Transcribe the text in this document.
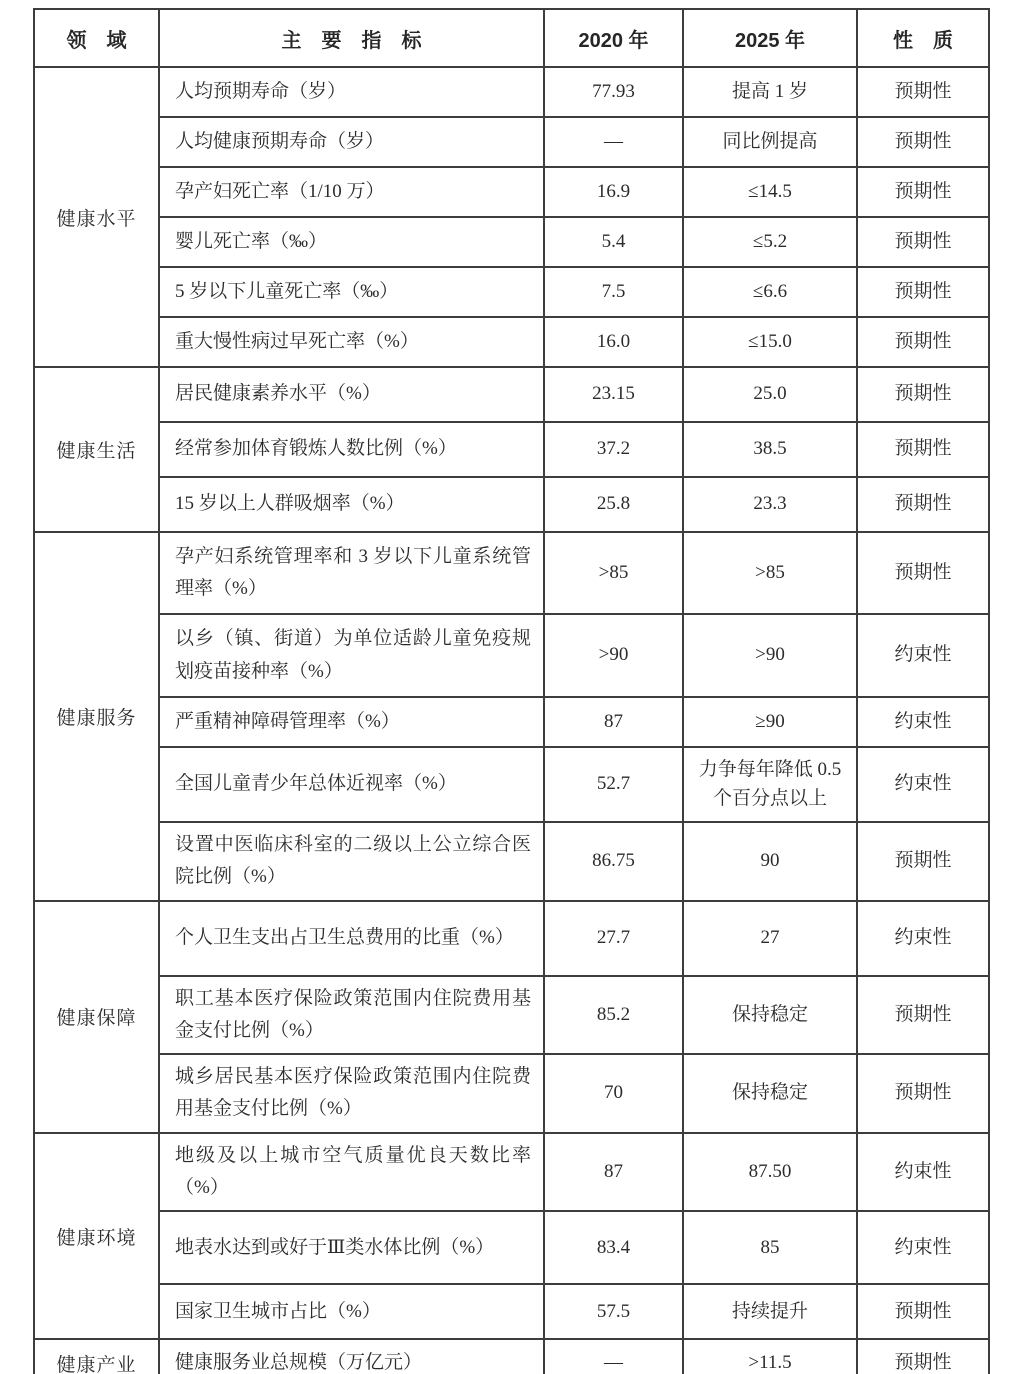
领　域	主　要　指　标	2020 年	2025 年	性　质
健康水平	人均预期寿命（岁）	77.93	提高 1 岁	预期性
	人均健康预期寿命（岁）	—	同比例提高	预期性
	孕产妇死亡率（1/10 万）	16.9	≤14.5	预期性
	婴儿死亡率（‰）	5.4	≤5.2	预期性
	5 岁以下儿童死亡率（‰）	7.5	≤6.6	预期性
	重大慢性病过早死亡率（%）	16.0	≤15.0	预期性
健康生活	居民健康素养水平（%）	23.15	25.0	预期性
	经常参加体育锻炼人数比例（%）	37.2	38.5	预期性
	15 岁以上人群吸烟率（%）	25.8	23.3	预期性
健康服务	孕产妇系统管理率和 3 岁以下儿童系统管理率（%）	>85	>85	预期性
	以乡（镇、街道）为单位适龄儿童免疫规划疫苗接种率（%）	>90	>90	约束性
	严重精神障碍管理率（%）	87	≥90	约束性
	全国儿童青少年总体近视率（%）	52.7	力争每年降低 0.5 个百分点以上	约束性
	设置中医临床科室的二级以上公立综合医院比例（%）	86.75	90	预期性
健康保障	个人卫生支出占卫生总费用的比重（%）	27.7	27	约束性
	职工基本医疗保险政策范围内住院费用基金支付比例（%）	85.2	保持稳定	预期性
	城乡居民基本医疗保险政策范围内住院费用基金支付比例（%）	70	保持稳定	预期性
健康环境	地级及以上城市空气质量优良天数比率（%）	87	87.50	约束性
	地表水达到或好于Ⅲ类水体比例（%）	83.4	85	约束性
	国家卫生城市占比（%）	57.5	持续提升	预期性
健康产业	健康服务业总规模（万亿元）	—	>11.5	预期性
